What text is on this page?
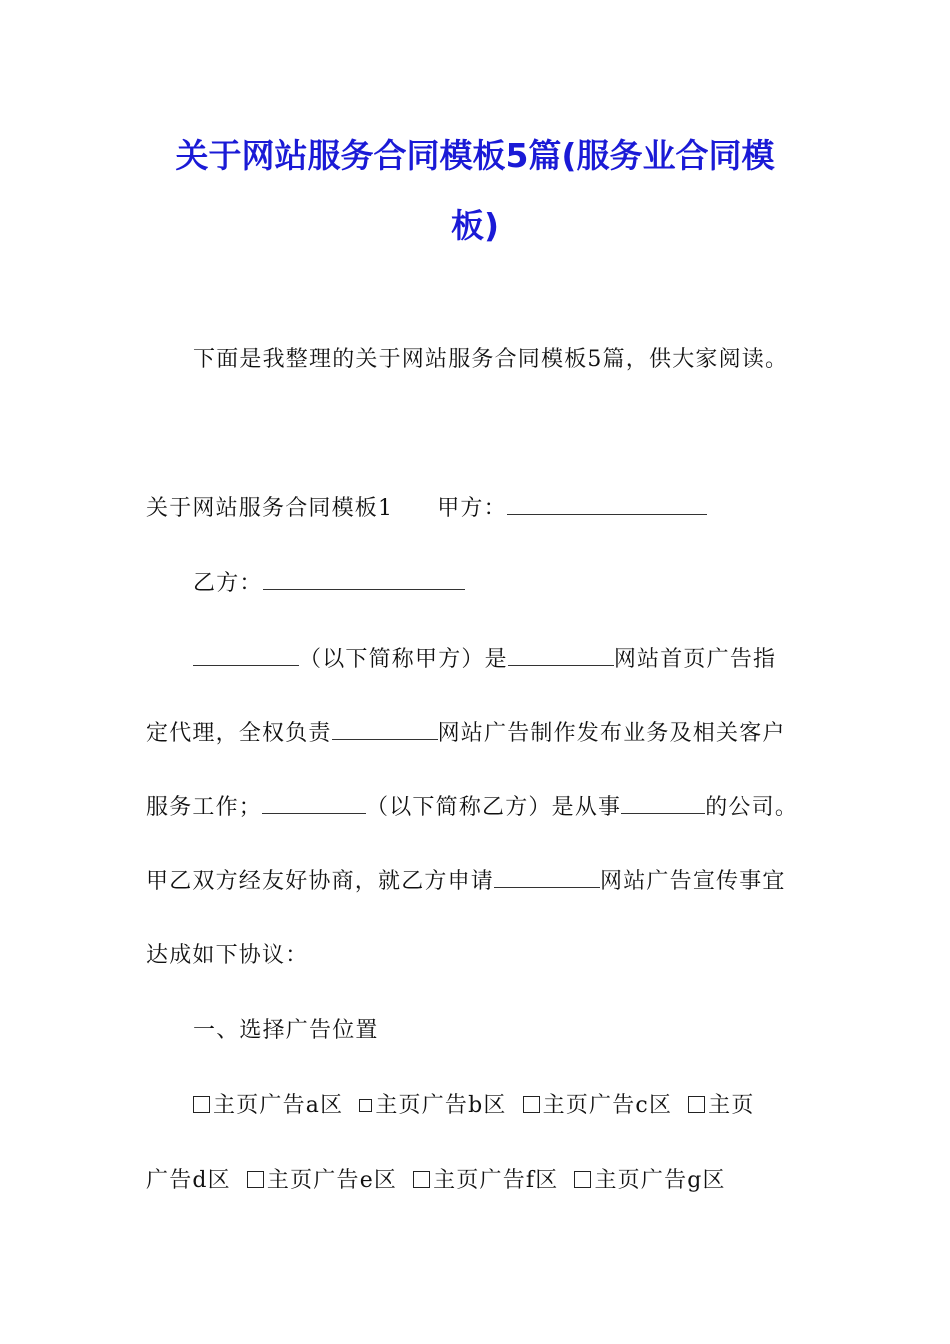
关于网站服务合同模板5篇(服务业合同模
板)
下面是我整理的关于网站服务合同模板5篇，供大家阅读。
关于网站服务合同模板1 甲方：
乙方：
（以下简称甲方）是	网站首页广告指
定代理，全权负责	网站广告制作发布业务及相关客户
服务工作；	（以下简称乙方）是从事	的公司。
甲乙双方经友好协商，就乙方申请	网站广告宣传事宜
达成如下协议：
一、选择广告位置
主页广告a区 主页广告b区 主页广告c区 主页
广告d区 主页广告e区 主页广告f区 主页广告g区
